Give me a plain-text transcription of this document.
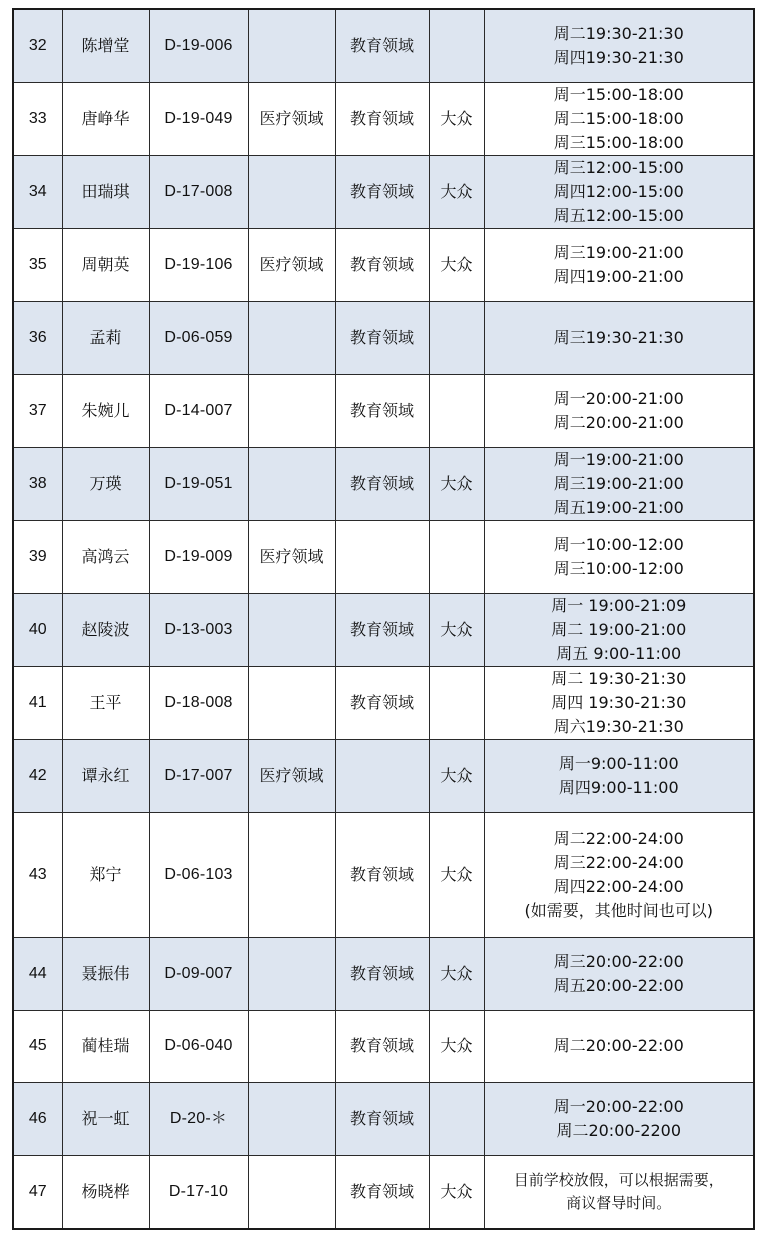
32	陈增堂	D-19-006		教育领域		周二19:30-21:30
周四19:30-21:30

33	唐峥华	D-19-049	医疗领域	教育领域	大众	周一15:00-18:00
周二15:00-18:00
周三15:00-18:00

34	田瑞琪	D-17-008		教育领域	大众	周三12:00-15:00
周四12:00-15:00
周五12:00-15:00

35	周朝英	D-19-106	医疗领域	教育领域	大众	周三19:00-21:00
周四19:00-21:00

36	孟莉	D-06-059		教育领域		周三19:30-21:30

37	朱婉儿	D-14-007		教育领域		周一20:00-21:00
周二20:00-21:00

38	万瑛	D-19-051		教育领域	大众	周一19:00-21:00
周三19:00-21:00
周五19:00-21:00

39	高鸿云	D-19-009	医疗领域			周一10:00-12:00
周三10:00-12:00

40	赵陵波	D-13-003		教育领域	大众	周一 19:00-21:09
周二 19:00-21:00
周五 9:00-11:00

41	王平	D-18-008		教育领域		周二 19:30-21:30
周四 19:30-21:30
周六19:30-21:30

42	谭永红	D-17-007	医疗领域		大众	周一9:00-11:00
周四9:00-11:00

43	郑宁	D-06-103		教育领域	大众	周二22:00-24:00
周三22:00-24:00
周四22:00-24:00
(如需要，其他时间也可以)

44	聂振伟	D-09-007		教育领域	大众	周三20:00-22:00
周五20:00-22:00

45	蔺桂瑞	D-06-040		教育领域	大众	周二20:00-22:00

46	祝一虹	D-20-＊		教育领域		周一20:00-22:00
周二20:00-2200

47	杨晓桦	D-17-10		教育领域	大众	目前学校放假，可以根据需要，
商议督导时间。
